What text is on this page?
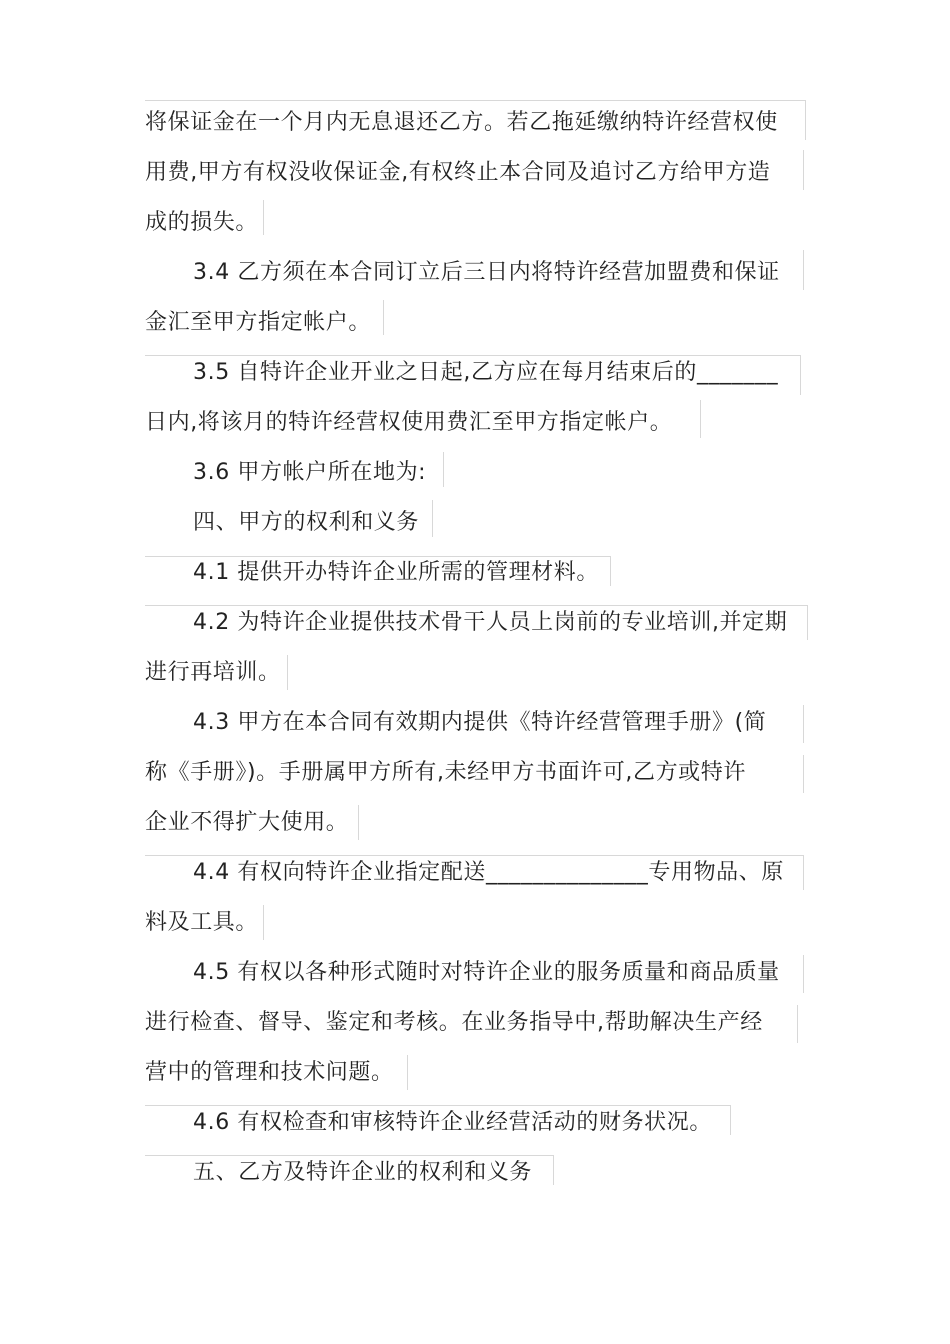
将保证金在一个月内无息退还乙方。若乙拖延缴纳特许经营权使
用费,甲方有权没收保证金,有权终止本合同及追讨乙方给甲方造
成的损失。
3.4 乙方须在本合同订立后三日内将特许经营加盟费和保证
金汇至甲方指定帐户。
3.5 自特许企业开业之日起,乙方应在每月结束后的_______
日内,将该月的特许经营权使用费汇至甲方指定帐户。
3.6 甲方帐户所在地为:
四、甲方的权利和义务
4.1 提供开办特许企业所需的管理材料。
4.2 为特许企业提供技术骨干人员上岗前的专业培训,并定期
进行再培训。
4.3 甲方在本合同有效期内提供《特许经营管理手册》(简
称《手册》)。手册属甲方所有,未经甲方书面许可,乙方或特许
企业不得扩大使用。
4.4 有权向特许企业指定配送______________专用物品、原
料及工具。
4.5 有权以各种形式随时对特许企业的服务质量和商品质量
进行检查、督导、鉴定和考核。在业务指导中,帮助解决生产经
营中的管理和技术问题。
4.6 有权检查和审核特许企业经营活动的财务状况。
五、乙方及特许企业的权利和义务
